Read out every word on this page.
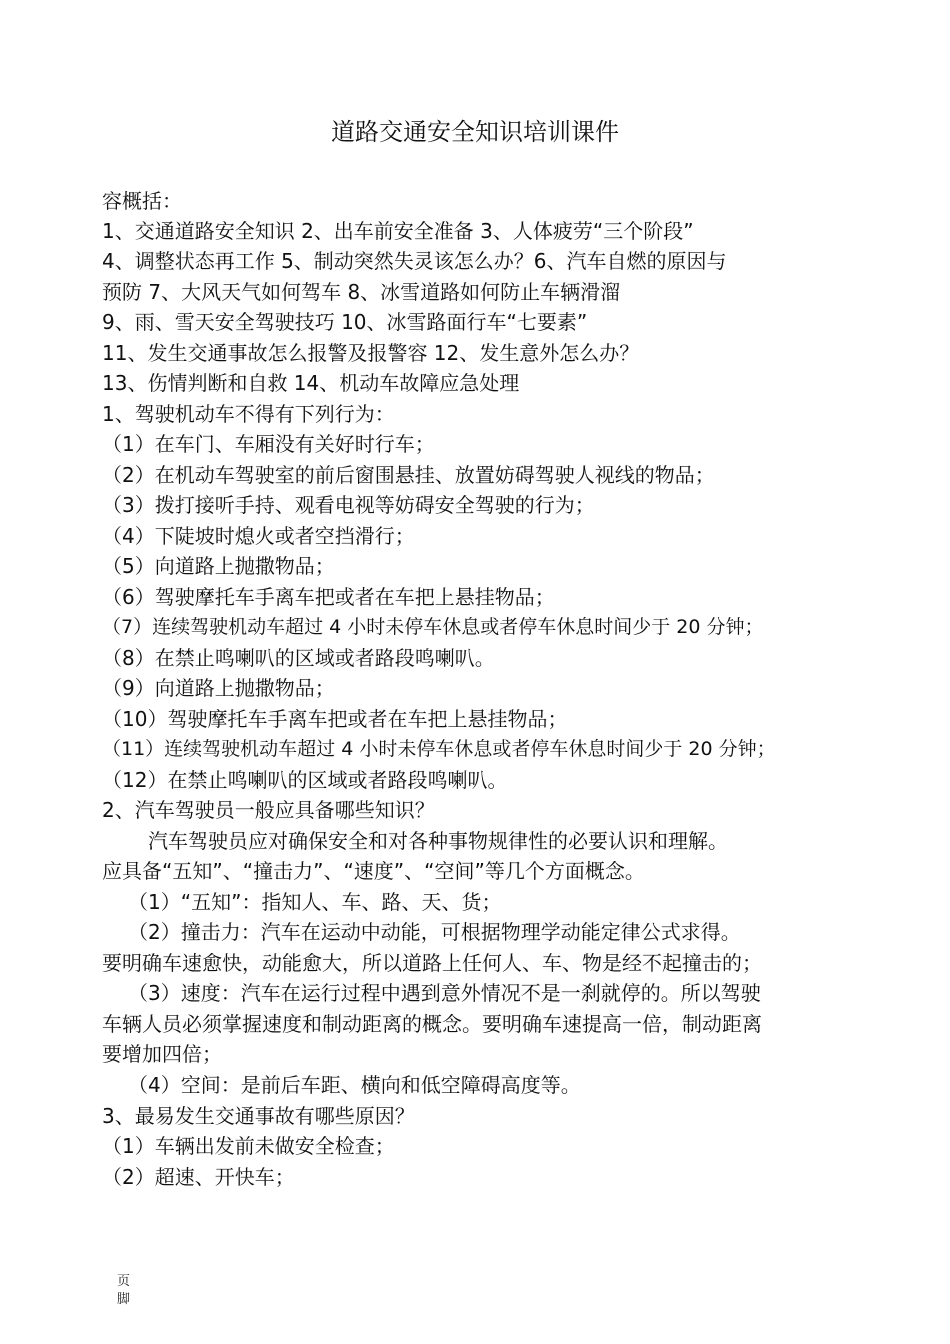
道路交通安全知识培训课件
容概括：
1、交通道路安全知识 2、出车前安全准备 3、人体疲劳“三个阶段”
4、调整状态再工作 5、制动突然失灵该怎么办？6、汽车自燃的原因与
预防 7、大风天气如何驾车 8、冰雪道路如何防止车辆滑溜
9、雨、雪天安全驾驶技巧 10、冰雪路面行车“七要素”
11、发生交通事故怎么报警及报警容 12、发生意外怎么办？
13、伤情判断和自救 14、机动车故障应急处理
1、驾驶机动车不得有下列行为：
（1）在车门、车厢没有关好时行车；
（2）在机动车驾驶室的前后窗围悬挂、放置妨碍驾驶人视线的物品；
（3）拨打接听手持、观看电视等妨碍安全驾驶的行为；
（4）下陡坡时熄火或者空挡滑行；
（5）向道路上抛撒物品；
（6）驾驶摩托车手离车把或者在车把上悬挂物品；
（7）连续驾驶机动车超过 4 小时未停车休息或者停车休息时间少于 20 分钟；
（8）在禁止鸣喇叭的区域或者路段鸣喇叭。
（9）向道路上抛撒物品；
（10）驾驶摩托车手离车把或者在车把上悬挂物品；
（11）连续驾驶机动车超过 4 小时未停车休息或者停车休息时间少于 20 分钟；
（12）在禁止鸣喇叭的区域或者路段鸣喇叭。
2、汽车驾驶员一般应具备哪些知识？
汽车驾驶员应对确保安全和对各种事物规律性的必要认识和理解。
应具备“五知”、“撞击力”、“速度”、“空间”等几个方面概念。
（1）“五知”：指知人、车、路、天、货；
（2）撞击力：汽车在运动中动能，可根据物理学动能定律公式求得。
要明确车速愈快，动能愈大，所以道路上任何人、车、物是经不起撞击的；
（3）速度：汽车在运行过程中遇到意外情况不是一刹就停的。所以驾驶
车辆人员必须掌握速度和制动距离的概念。要明确车速提高一倍，制动距离
要增加四倍；
（4）空间：是前后车距、横向和低空障碍高度等。
3、最易发生交通事故有哪些原因？
（1）车辆出发前未做安全检查；
（2）超速、开快车；
页
脚
